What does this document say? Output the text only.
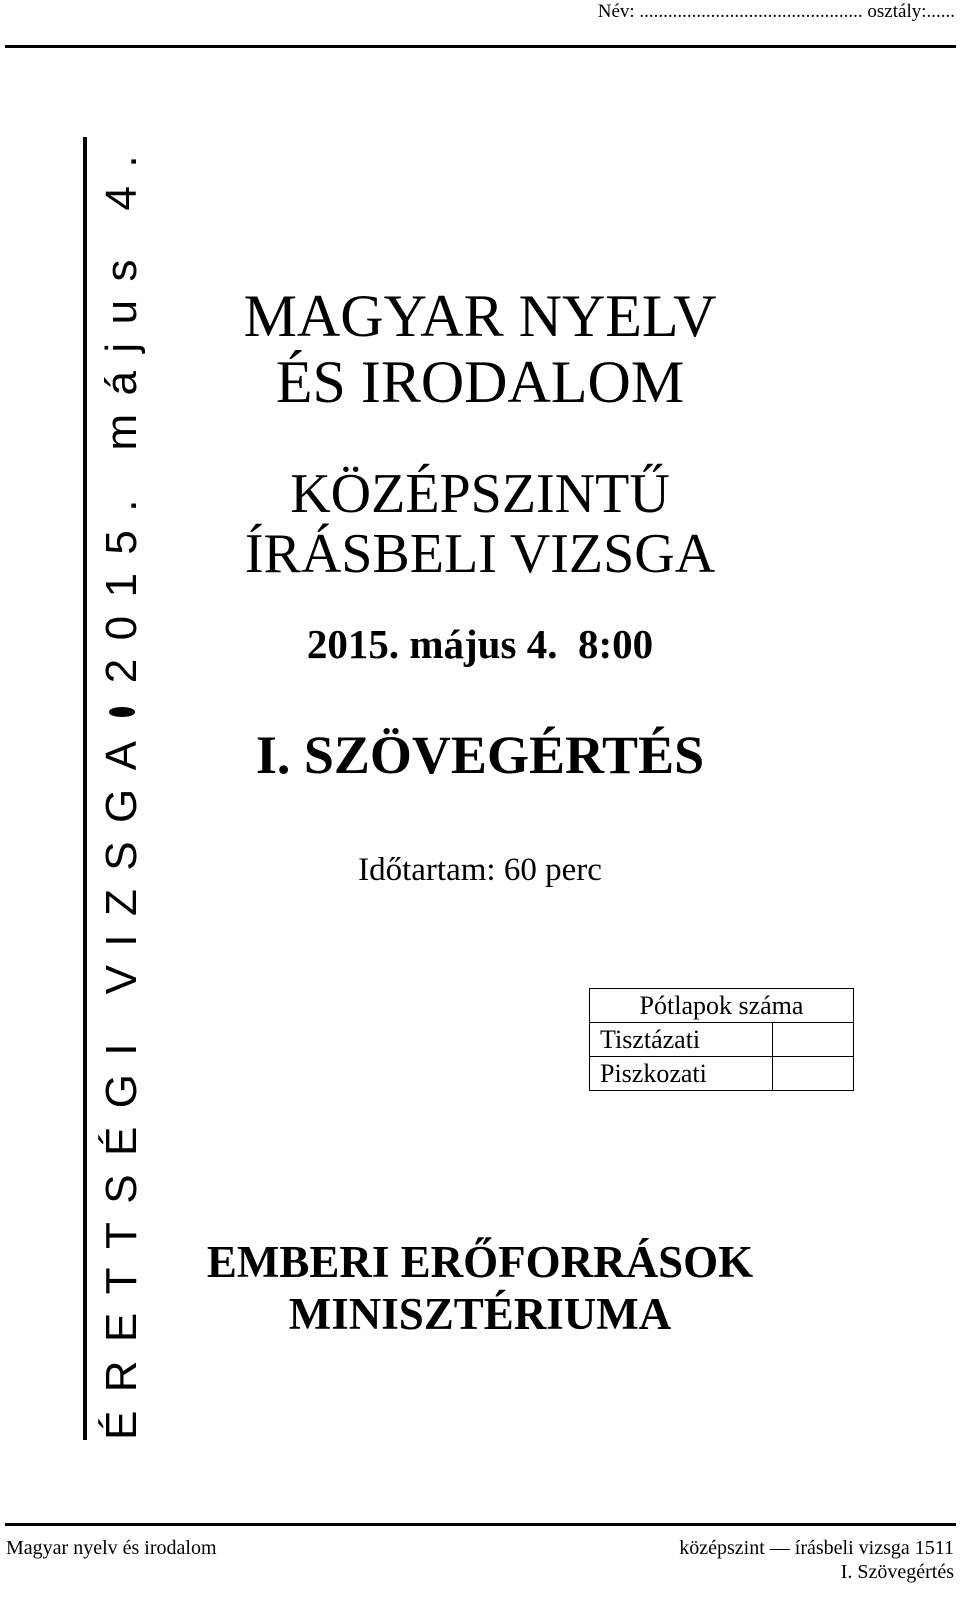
Név: ............................................... osztály:......
ÉRETTSÉGI VIZSGA
2015. május 4.	MAGYAR NYELV
ÉS IRODALOM
KÖZÉPSZINTŰ
ÍRÁSBELI VIZSGA
2015. május 4. 8:00
I. SZÖVEGÉRTÉS
Időtartam: 60 perc
Pótlapok száma	
Tisztázati	
Piszkozati	
EMBERI ERŐFORRÁSOK
MINISZTÉRIUMA
Magyar nyelv és irodalom	középszint — írásbeli vizsga 1511
I. Szövegértés
